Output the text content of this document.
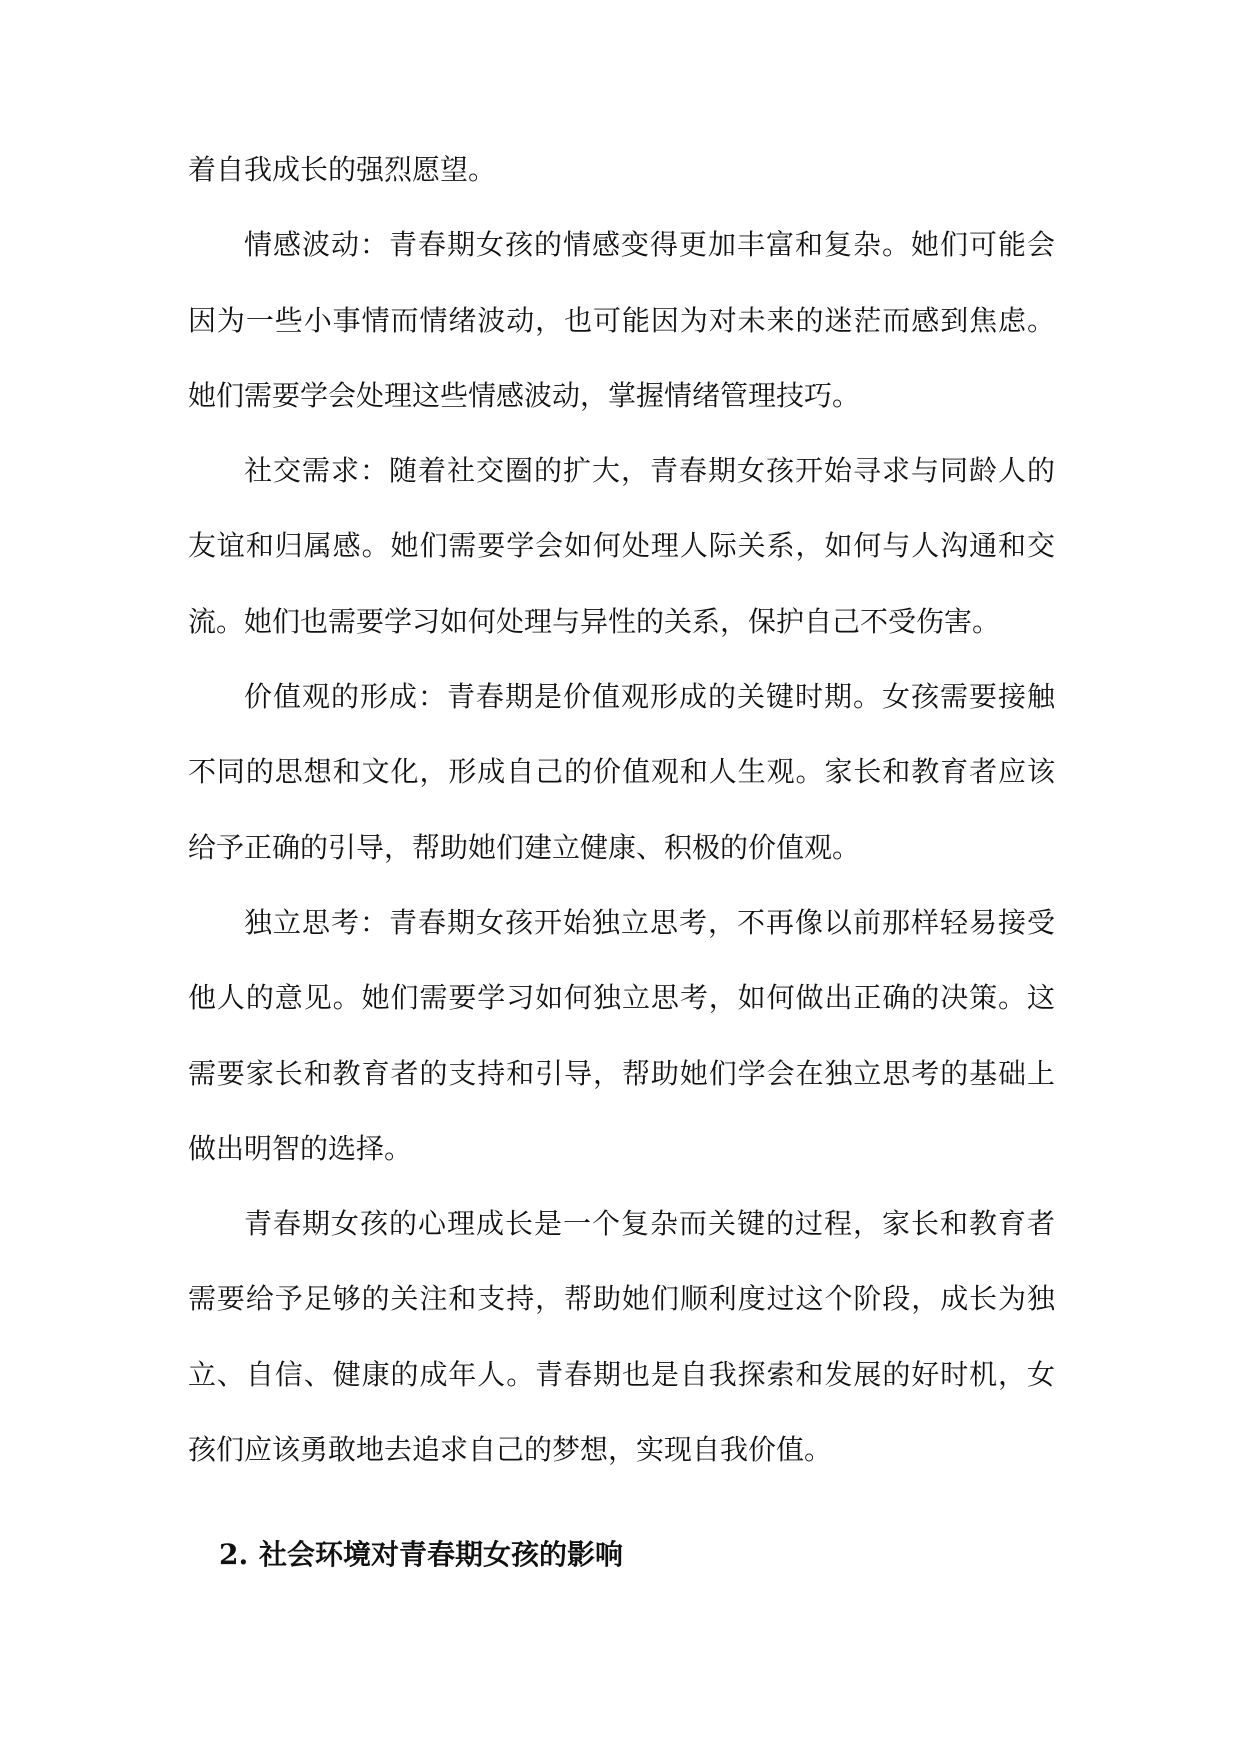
着自我成长的强烈愿望。
情感波动：青春期女孩的情感变得更加丰富和复杂。她们可能会
因为一些小事情而情绪波动，也可能因为对未来的迷茫而感到焦虑。
她们需要学会处理这些情感波动，掌握情绪管理技巧。
社交需求：随着社交圈的扩大，青春期女孩开始寻求与同龄人的
友谊和归属感。她们需要学会如何处理人际关系，如何与人沟通和交
流。她们也需要学习如何处理与异性的关系，保护自己不受伤害。
价值观的形成：青春期是价值观形成的关键时期。女孩需要接触
不同的思想和文化，形成自己的价值观和人生观。家长和教育者应该
给予正确的引导，帮助她们建立健康、积极的价值观。
独立思考：青春期女孩开始独立思考，不再像以前那样轻易接受
他人的意见。她们需要学习如何独立思考，如何做出正确的决策。这
需要家长和教育者的支持和引导，帮助她们学会在独立思考的基础上
做出明智的选择。
青春期女孩的心理成长是一个复杂而关键的过程，家长和教育者
需要给予足够的关注和支持，帮助她们顺利度过这个阶段，成长为独
立、自信、健康的成年人。青春期也是自我探索和发展的好时机，女
孩们应该勇敢地去追求自己的梦想，实现自我价值。
2. 社会环境对青春期女孩的影响
